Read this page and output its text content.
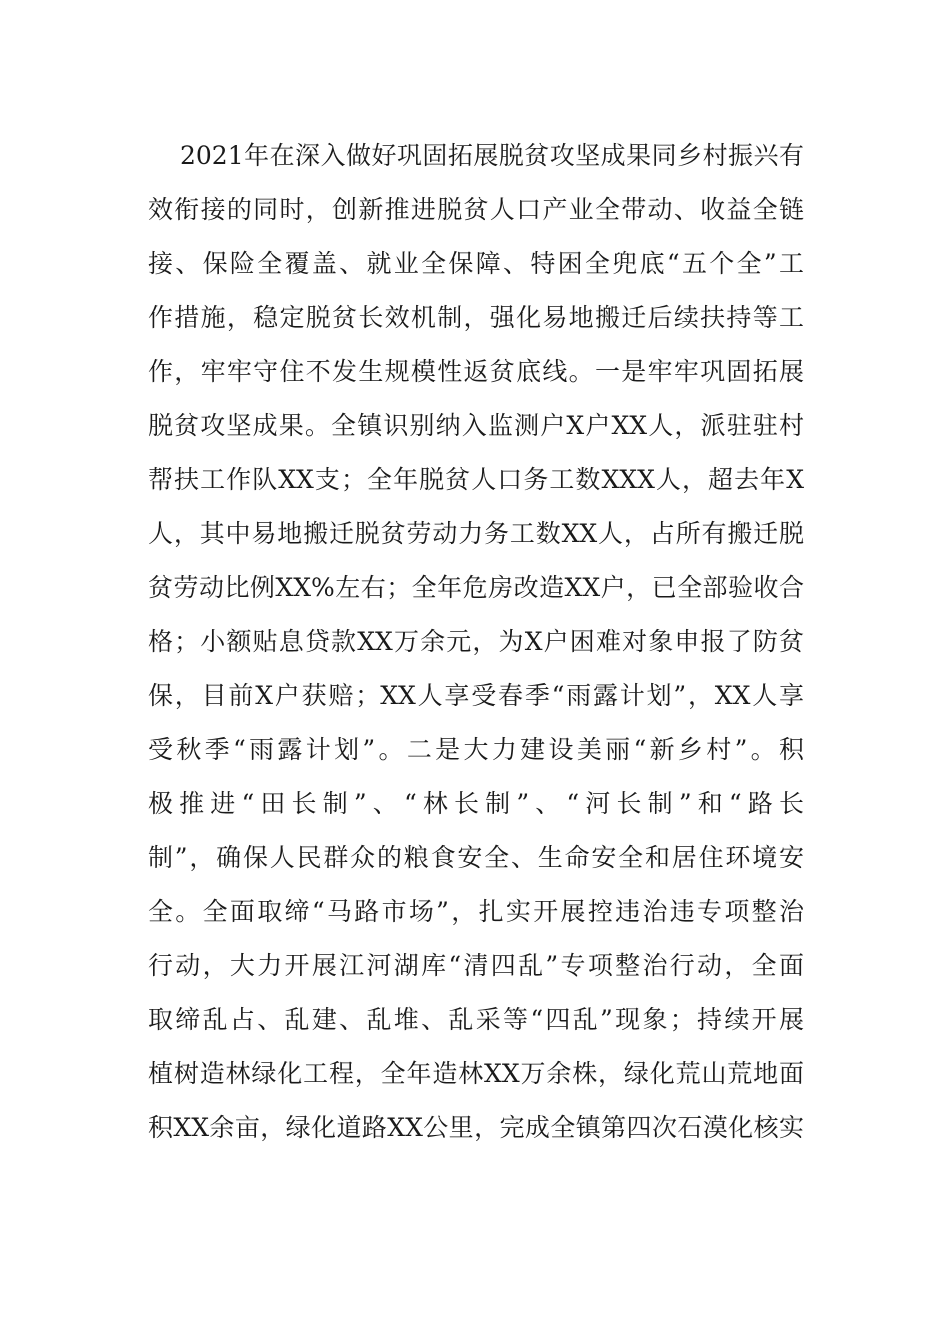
2021年在深入做好巩固拓展脱贫攻坚成果同乡村振兴有
效衔接的同时，创新推进脱贫人口产业全带动、收益全链
接、保险全覆盖、就业全保障、特困全兜底“五个全”工
作措施，稳定脱贫长效机制，强化易地搬迁后续扶持等工
作，牢牢守住不发生规模性返贫底线。一是牢牢巩固拓展
脱贫攻坚成果。全镇识别纳入监测户X户XX人，派驻驻村
帮扶工作队XX支；全年脱贫人口务工数XXX人，超去年X
人，其中易地搬迁脱贫劳动力务工数XX人，占所有搬迁脱
贫劳动比例XX%左右；全年危房改造XX户，已全部验收合
格；小额贴息贷款XX万余元，为X户困难对象申报了防贫
保，目前X户获赔；XX人享受春季“雨露计划”，XX人享
受秋季“雨露计划”。二是大力建设美丽“新乡村”。积
极推进“田长制”、“林长制”、“河长制”和“路长
制”，确保人民群众的粮食安全、生命安全和居住环境安
全。全面取缔“马路市场”，扎实开展控违治违专项整治
行动，大力开展江河湖库“清四乱”专项整治行动，全面
取缔乱占、乱建、乱堆、乱采等“四乱”现象；持续开展
植树造林绿化工程，全年造林XX万余株，绿化荒山荒地面
积XX余亩，绿化道路XX公里，完成全镇第四次石漠化核实
